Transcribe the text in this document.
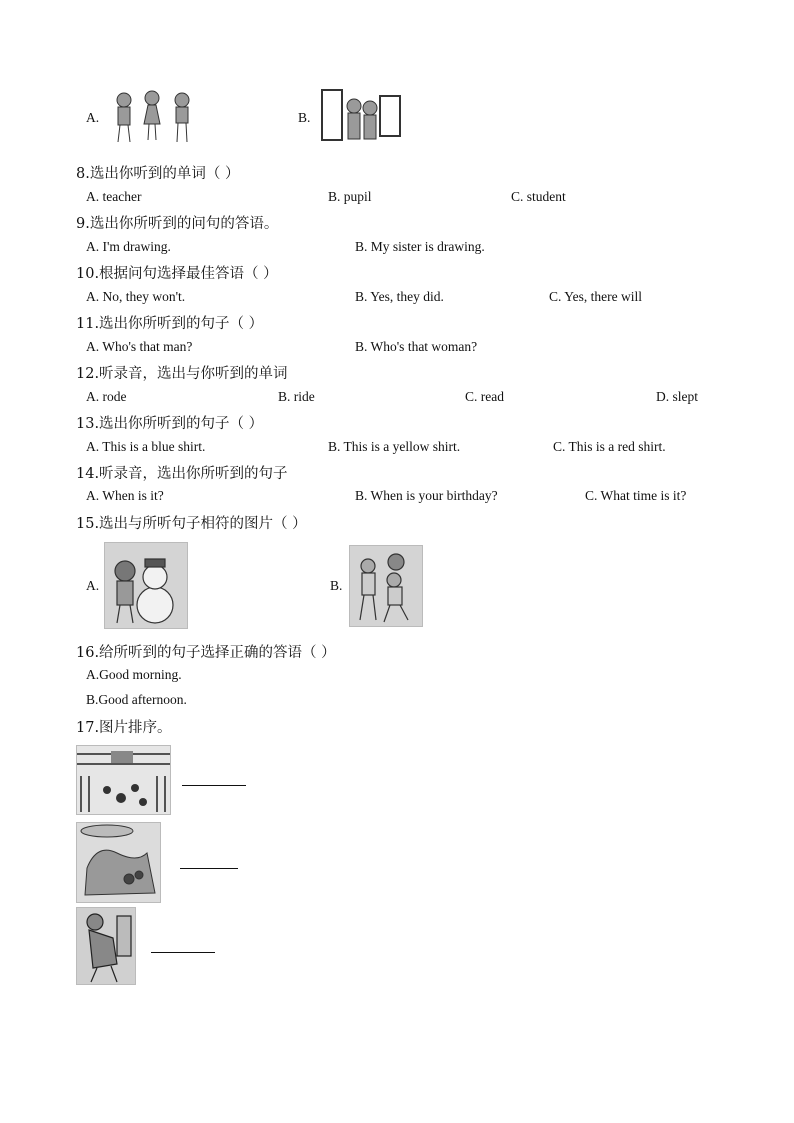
A.	B.
8.选出你听到的单词（ ）
A. teacher	B. pupil	C. student
9.选出你所听到的问句的答语。
A. I'm drawing.	B. My sister is drawing.
10.根据问句选择最佳答语（ ）
A. No, they won't.	B. Yes, they did.	C. Yes, there will
11.选出你所听到的句子（ ）
A. Who's that man?	B. Who's that woman?
12.听录音，选出与你听到的单词
A. rode	B. ride	C. read	D. slept
13.选出你所听到的句子（ ）
A. This is a blue shirt.	B. This is a yellow shirt.	C. This is a red shirt.
14.听录音，选出你所听到的句子
A. When is it?	B. When is your birthday?	C. What time is it?
15.选出与所听句子相符的图片（ ）
A.	B.
16.给所听到的句子选择正确的答语（ ）
A.Good morning.
B.Good afternoon.
17.图片排序。
